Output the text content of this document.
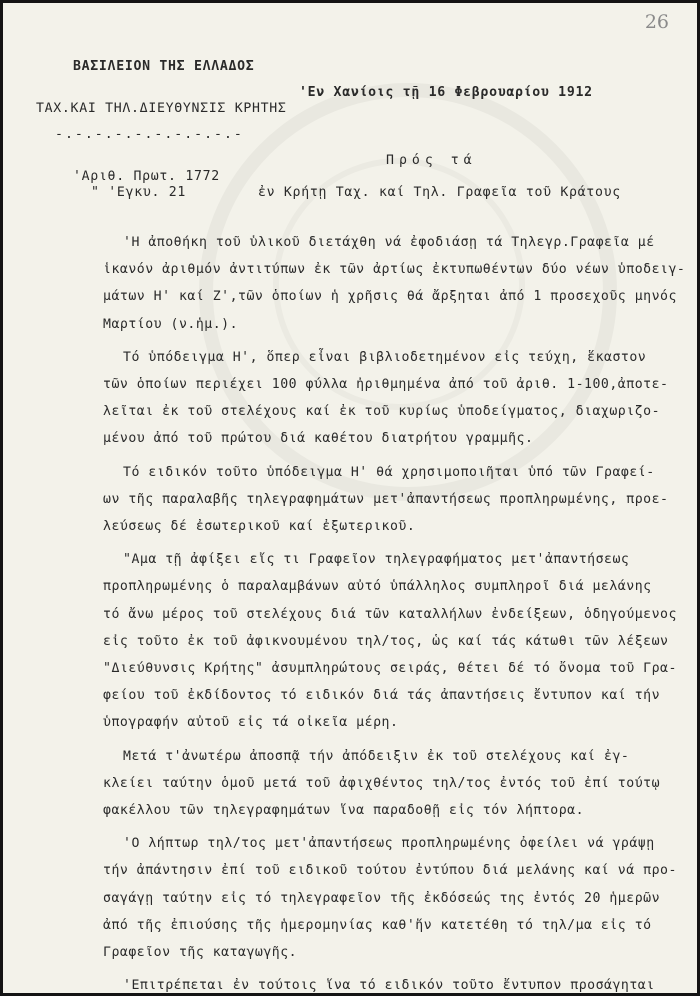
26
ΒΑΣΙΛΕΙΟΝ ΤΗΣ ΕΛΛΑΔΟΣ
'Εν Χανίοις τῇ 16 Φεβρουαρίου 1912
ΤΑΧ.ΚΑΙ ΤΗΛ.ΔΙΕΥΘΥΝΣΙΣ ΚΡΗΤΗΣ
-.-.-.-.-.-.-.-.-.-
Πρός τά
'Αριθ. Πρωτ. 1772
" 'Εγκυ. 21	ἐν Κρήτῃ Ταχ. καί Τηλ. Γραφεῖα τοῦ Κράτους
'Η ἀποθήκη τοῦ ὑλικοῦ διετάχθη νά ἐφοδιάσῃ τά Τηλεγρ.Γραφεῖα μέ
ἱκανόν ἀριθμόν ἀντιτύπων ἐκ τῶν ἀρτίως ἐκτυπωθέντων δύο νέων ὑποδειγ-
μάτων Η' καί Ζ',τῶν ὁποίων ἡ χρῆσις θά ἄρξηται ἀπό 1 προσεχοῦς μηνός
Μαρτίου (ν.ἡμ.).
Τό ὑπόδειγμα Η', ὅπερ εἶναι βιβλιοδετημένον εἰς τεύχη, ἕκαστον
τῶν ὁποίων περιέχει 100 φύλλα ἠριθμημένα ἀπό τοῦ ἀριθ. 1-100,ἀποτε-
λεῖται ἐκ τοῦ στελέχους καί ἐκ τοῦ κυρίως ὑποδείγματος, διαχωριζο-
μένου ἀπό τοῦ πρώτου διά καθέτου διατρήτου γραμμῆς.
Τό ειδικόν τοῦτο ὑπόδειγμα Η' θά χρησιμοποιῆται ὑπό τῶν Γραφεί-
ων τῆς παραλαβῆς τηλεγραφημάτων μετ'ἀπαντήσεως προπληρωμένης, προε-
λεύσεως δέ ἐσωτερικοῦ καί ἐξωτερικοῦ.
"Αμα τῇ ἀφίξει εἴς τι Γραφεῖον τηλεγραφήματος μετ'ἀπαντήσεως
προπληρωμένης ὁ παραλαμβάνων αὐτό ὑπάλληλος συμπληροῖ διά μελάνης
τό ἄνω μέρος τοῦ στελέχους διά τῶν καταλλήλων ἐνδείξεων, ὁδηγούμενος
εἰς τοῦτο ἐκ τοῦ ἀφικνουμένου τηλ/τος, ὡς καί τάς κάτωθι τῶν λέξεων
"Διεύθυνσις Κρήτης" ἀσυμπληρώτους σειράς, θέτει δέ τό ὄνομα τοῦ Γρα-
φείου τοῦ ἐκδίδοντος τό ειδικόν διά τάς ἀπαντήσεις ἔντυπον καί τήν
ὑπογραφήν αὐτοῦ εἰς τά οἰκεῖα μέρη.
Μετά τ'ἀνωτέρω ἀποσπᾷ τήν ἀπόδειξιν ἐκ τοῦ στελέχους καί ἐγ-
κλείει ταύτην ὁμοῦ μετά τοῦ ἀφιχθέντος τηλ/τος ἐντός τοῦ ἐπί τούτῳ
φακέλλου τῶν τηλεγραφημάτων ἵνα παραδοθῇ εἰς τόν λήπτορα.
'Ο λήπτωρ τηλ/τος μετ'ἀπαντήσεως προπληρωμένης ὀφείλει νά γράψῃ
τήν ἀπάντησιν ἐπί τοῦ ειδικοῦ τούτου ἐντύπου διά μελάνης καί νά προ-
σαγάγῃ ταύτην εἰς τό τηλεγραφεῖον τῆς ἐκδόσεώς της ἐντός 20 ἡμερῶν
ἀπό τῆς ἐπιούσης τῆς ἡμερομηνίας καθ'ἥν κατετέθη τό τηλ/μα εἰς τό
Γραφεῖον τῆς καταγωγῆς.
'Επιτρέπεται ἐν τούτοις ἵνα τό ειδικόν τοῦτο ἔντυπον προσάγηται
